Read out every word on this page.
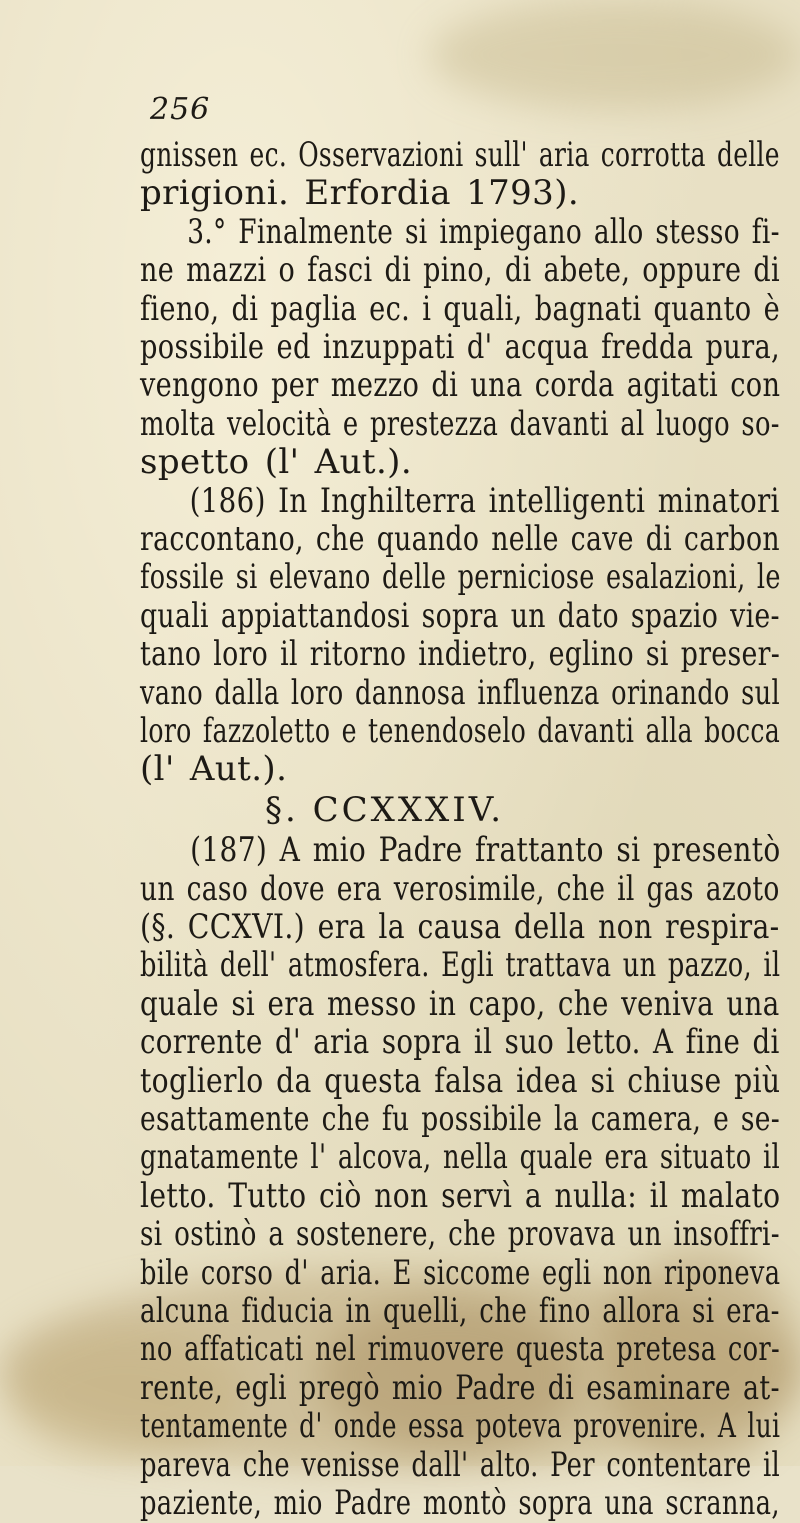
256
gnissen ec. Osservazioni sull' aria corrotta delle
prigioni. Erfordia 1793).
3.° Finalmente si impiegano allo stesso fi-
ne mazzi o fasci di pino, di abete, oppure di
fieno, di paglia ec. i quali, bagnati quanto è
possibile ed inzuppati d' acqua fredda pura,
vengono per mezzo di una corda agitati con
molta velocità e prestezza davanti al luogo so-
spetto (l' Aut.).
(186) In Inghilterra intelligenti minatori
raccontano, che quando nelle cave di carbon
fossile si elevano delle perniciose esalazioni, le
quali appiattandosi sopra un dato spazio vie-
tano loro il ritorno indietro, eglino si preser-
vano dalla loro dannosa influenza orinando sul
loro fazzoletto e tenendoselo davanti alla bocca
(l' Aut.).
§. CCXXXIV.
(187) A mio Padre frattanto si presentò
un caso dove era verosimile, che il gas azoto
(§. CCXVI.) era la causa della non respira-
bilità dell' atmosfera. Egli trattava un pazzo, il
quale si era messo in capo, che veniva una
corrente d' aria sopra il suo letto. A fine di
toglierlo da questa falsa idea si chiuse più
esattamente che fu possibile la camera, e se-
gnatamente l' alcova, nella quale era situato il
letto. Tutto ciò non servì a nulla: il malato
si ostinò a sostenere, che provava un insoffri-
bile corso d' aria. E siccome egli non riponeva
alcuna fiducia in quelli, che fino allora si era-
no affaticati nel rimuovere questa pretesa cor-
rente, egli pregò mio Padre di esaminare at-
tentamente d' onde essa poteva provenire. A lui
pareva che venisse dall' alto. Per contentare il
paziente, mio Padre montò sopra una scranna,
